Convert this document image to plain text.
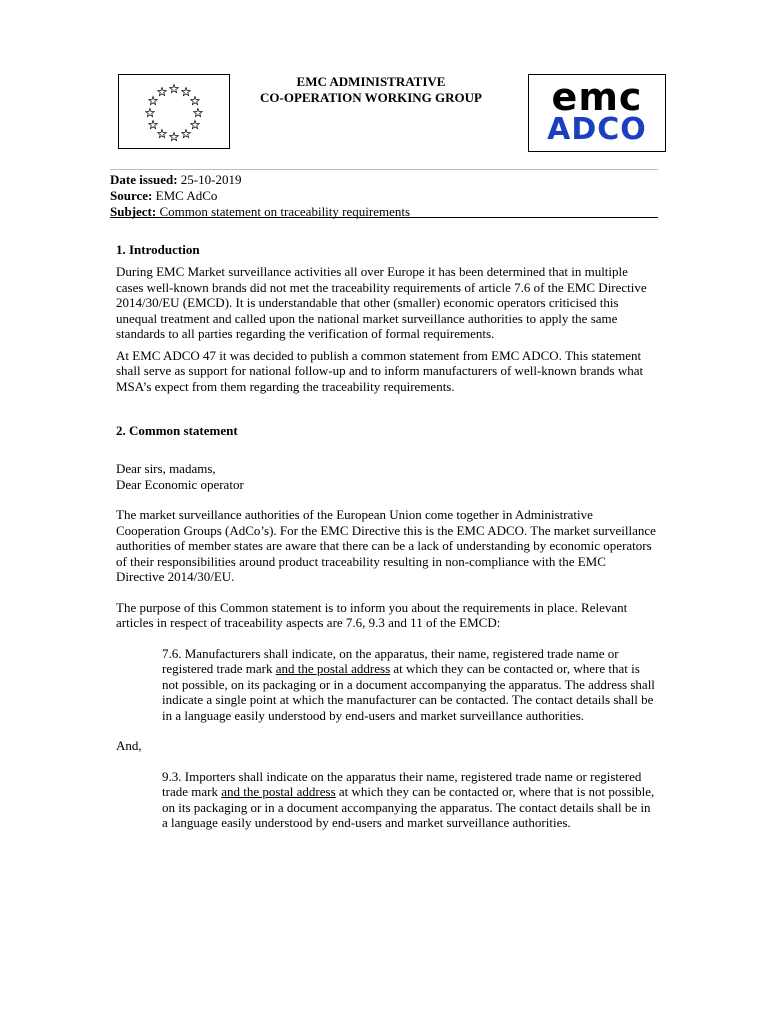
EMC ADMINISTRATIVE
CO-OPERATION WORKING GROUP	emc
ADCO
Date issued: 25-10-2019
Source: EMC AdCo
Subject: Common statement on traceability requirements
1. Introduction

During EMC Market surveillance activities all over Europe it has been determined that in multiple cases well-known brands did not met the traceability requirements of article 7.6 of the EMC Directive 2014/30/EU (EMCD). It is understandable that other (smaller) economic operators criticised this unequal treatment and called upon the national market surveillance authorities to apply the same standards to all parties regarding the verification of formal requirements.

At EMC ADCO 47 it was decided to publish a common statement from EMC ADCO. This statement shall serve as support for national follow-up and to inform manufacturers of well-known brands what MSA’s expect from them regarding the traceability requirements.

2. Common statement

Dear sirs, madams,

Dear Economic operator

The market surveillance authorities of the European Union come together in Administrative Cooperation Groups (AdCo’s). For the EMC Directive this is the EMC ADCO. The market surveillance authorities of member states are aware that there can be a lack of understanding by economic operators of their responsibilities around product traceability resulting in non-compliance with the EMC Directive 2014/30/EU.

The purpose of this Common statement is to inform you about the requirements in place. Relevant articles in respect of traceability aspects are 7.6, 9.3 and 11 of the EMCD:

7.6. Manufacturers shall indicate, on the apparatus, their name, registered trade name or registered trade mark and the postal address at which they can be contacted or, where that is not possible, on its packaging or in a document accompanying the apparatus. The address shall indicate a single point at which the manufacturer can be contacted. The contact details shall be in a language easily understood by end-users and market surveillance authorities.

And,

9.3. Importers shall indicate on the apparatus their name, registered trade name or registered trade mark and the postal address at which they can be contacted or, where that is not possible, on its packaging or in a document accompanying the apparatus. The contact details shall be in a language easily understood by end-users and market surveillance authorities.
